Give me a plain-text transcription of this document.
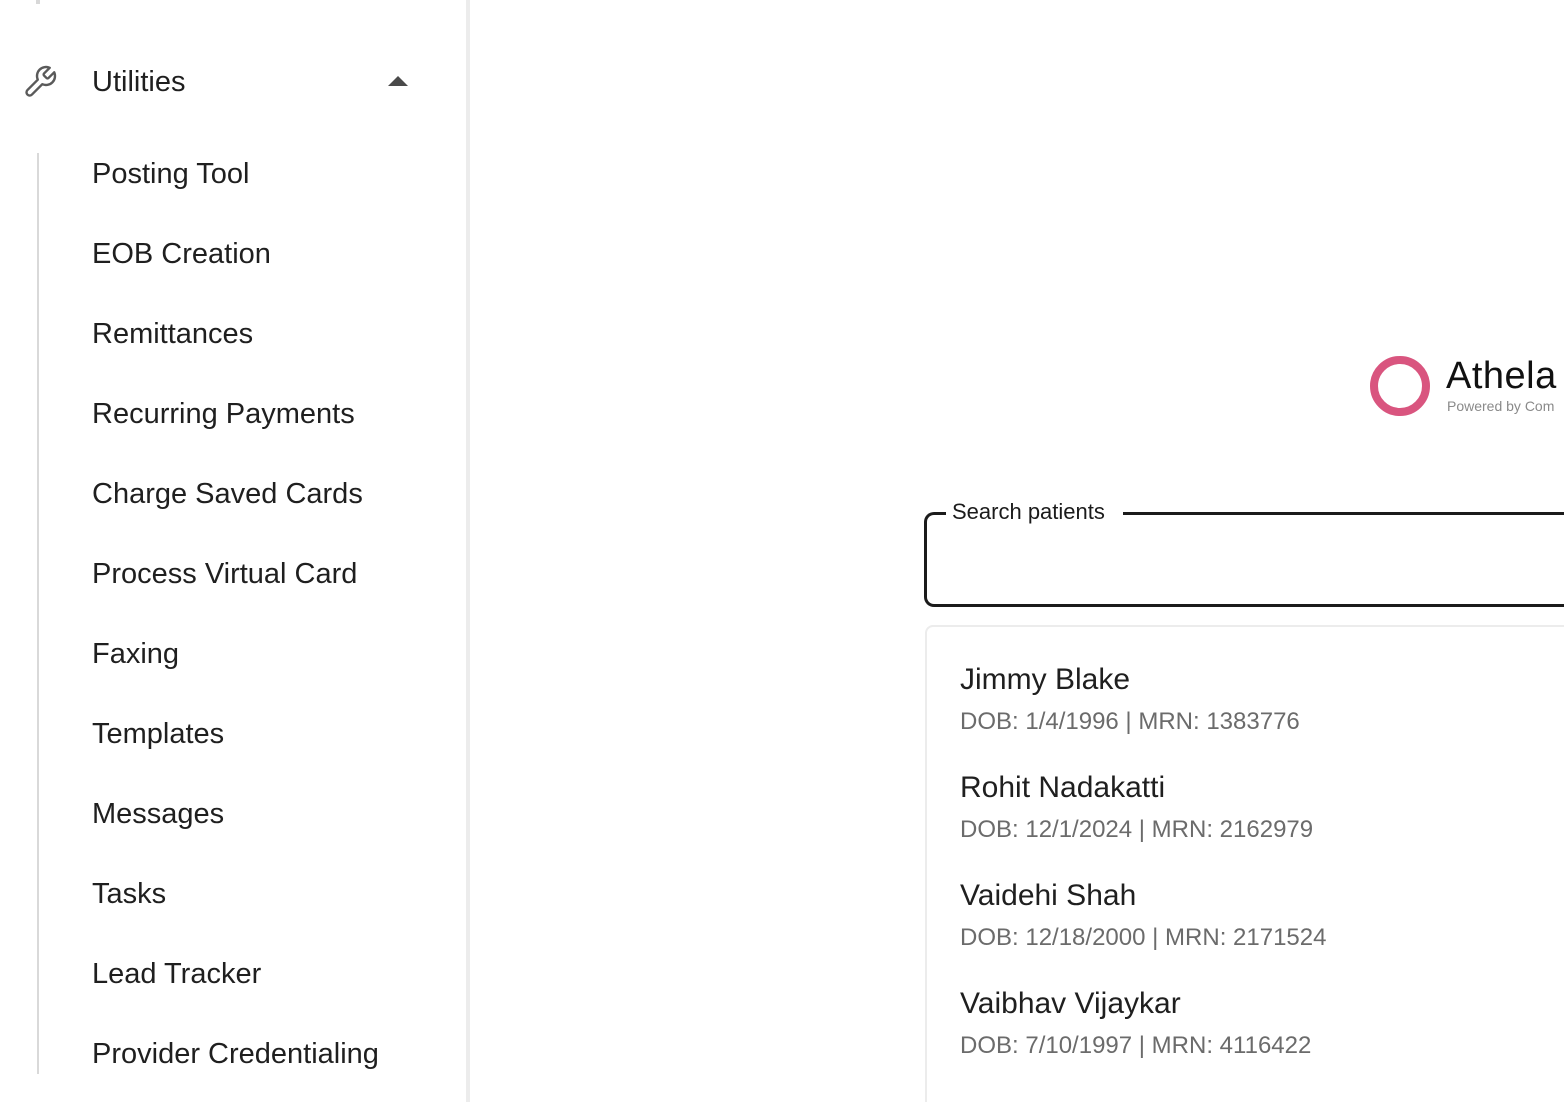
Utilities
Posting Tool
EOB Creation
Remittances
Recurring Payments
Charge Saved Cards
Process Virtual Card
Faxing
Templates
Messages
Tasks
Lead Tracker
Provider Credentialing
Athela
Powered by Com
Search patients
Jimmy Blake
DOB: 1/4/1996 | MRN: 1383776
Rohit Nadakatti
DOB: 12/1/2024 | MRN: 2162979
Vaidehi Shah
DOB: 12/18/2000 | MRN: 2171524
Vaibhav Vijaykar
DOB: 7/10/1997 | MRN: 4116422
